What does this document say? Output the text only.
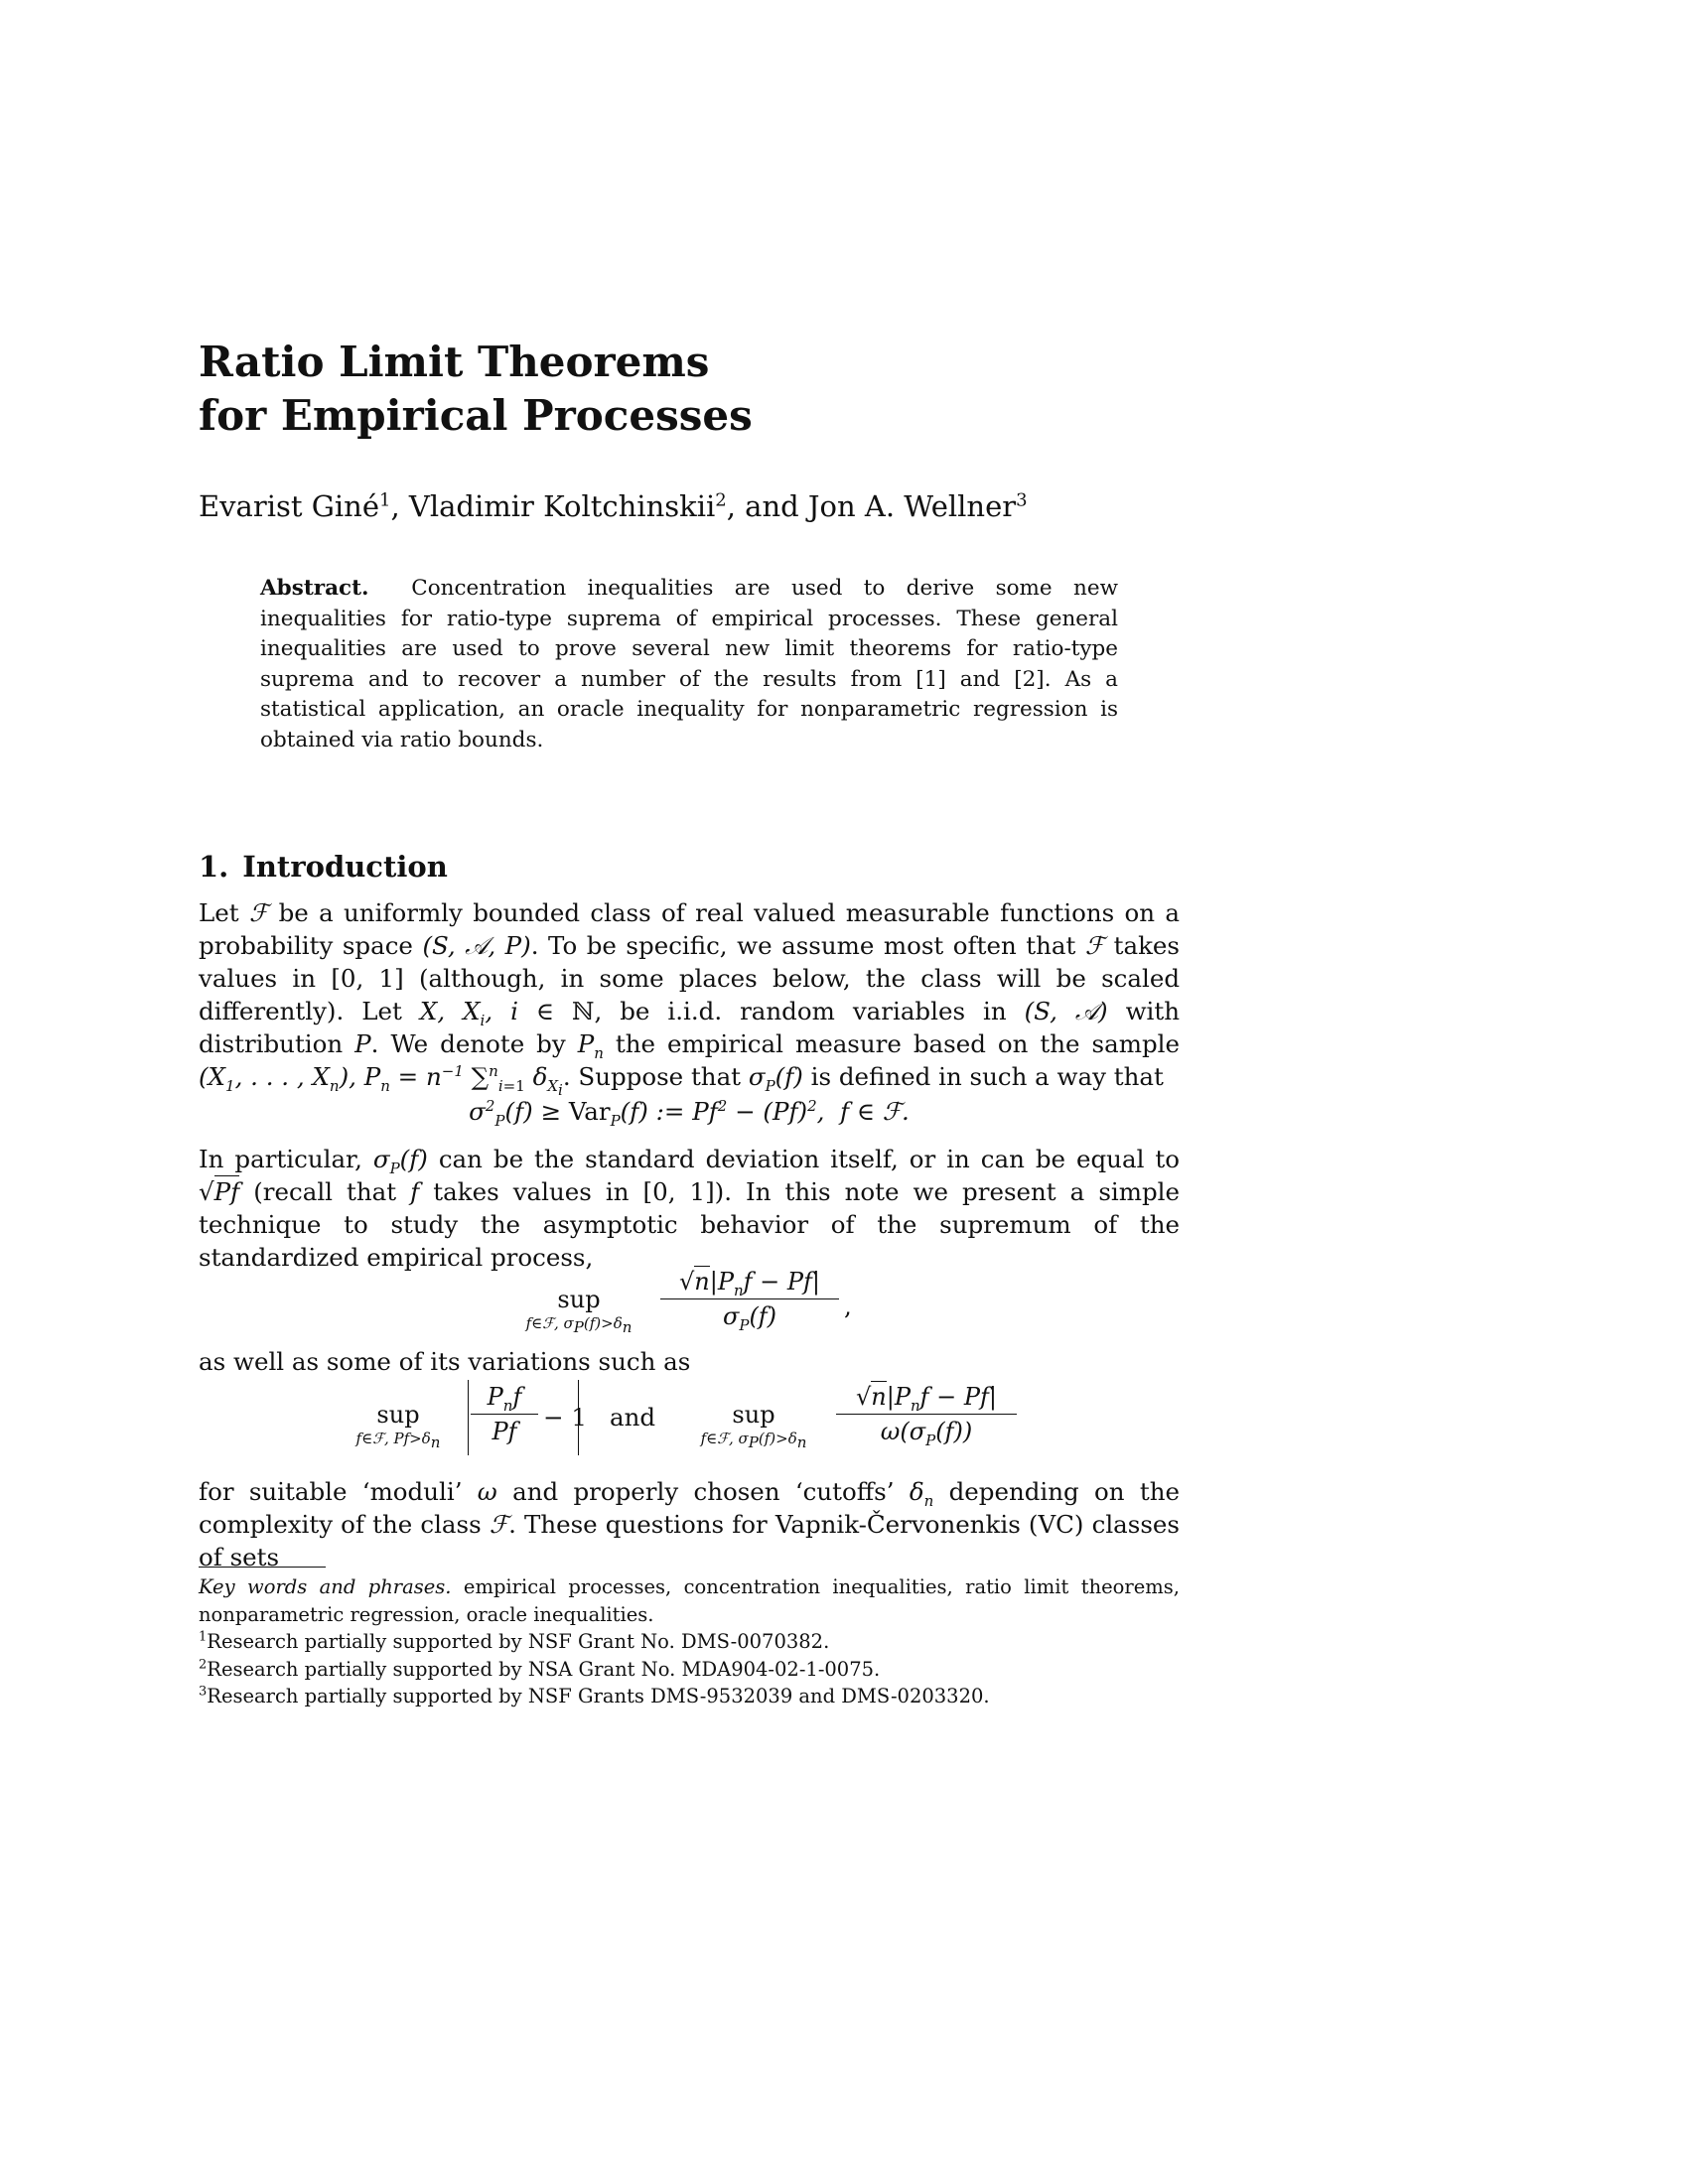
Ratio Limit Theorems
for Empirical Processes
Evarist Giné$^1$, Vladimir Koltchinskii$^2$, and Jon A. Wellner$^3$
Abstract. Concentration inequalities are used to derive some new inequalities for ratio-type suprema of empirical processes. These general inequalities are used to prove several new limit theorems for ratio-type suprema and to recover a number of the results from [1] and [2]. As a statistical application, an oracle inequality for nonparametric regression is obtained via ratio bounds.
1. Introduction
Let ℱ be a uniformly bounded class of real valued measurable functions on a probability space (S, 𝒜, P). To be specific, we assume most often that ℱ takes values in [0, 1] (although, in some places below, the class will be scaled differently). Let X, $X_i$, i ∈ ℕ, be i.i.d. random variables in (S, 𝒜) with distribution P. We denote by $P_n$ the empirical measure based on the sample ($X_1$, . . . , $X_n$), $P_n = n^{-1}$ ∑$^n_{i=1}$ $\delta_{X_i}$. Suppose that $\sigma_P(f)$ is defined in such a way that
$\sigma^2_P(f) \ge Var_P(f)$ := $Pf^2 - (Pf)^2$,  f ∈ ℱ.
In particular, $\sigma_P(f)$ can be the standard deviation itself, or in can be equal to √Pf (recall that f takes values in [0, 1]). In this note we present a simple technique to study the asymptotic behavior of the supremum of the standardized empirical process,
sup
f∈ℱ, $\sigma_P(f)>\delta_n$
$√n|P_nf - Pf|$
$\sigma_P(f)$	,
as well as some of its variations such as
sup
f∈ℱ, $Pf>\delta_n$
$P_nf$
Pf	− 1 and	sup
f∈ℱ, $\sigma_P(f)>\delta_n$
$√n|P_nf - Pf|$
$\omega(\sigma_P(f))$
for suitable ‘moduli’ ω and properly chosen ‘cutoffs’ $\delta_n$ depending on the complexity of the class ℱ. These questions for Vapnik-Červonenkis (VC) classes of sets

Key words and phrases. empirical processes, concentration inequalities, ratio limit theorems, nonparametric regression, oracle inequalities.

$^1$Research partially supported by NSF Grant No. DMS-0070382.

$^2$Research partially supported by NSA Grant No. MDA904-02-1-0075.

$^3$Research partially supported by NSF Grants DMS-9532039 and DMS-0203320.
